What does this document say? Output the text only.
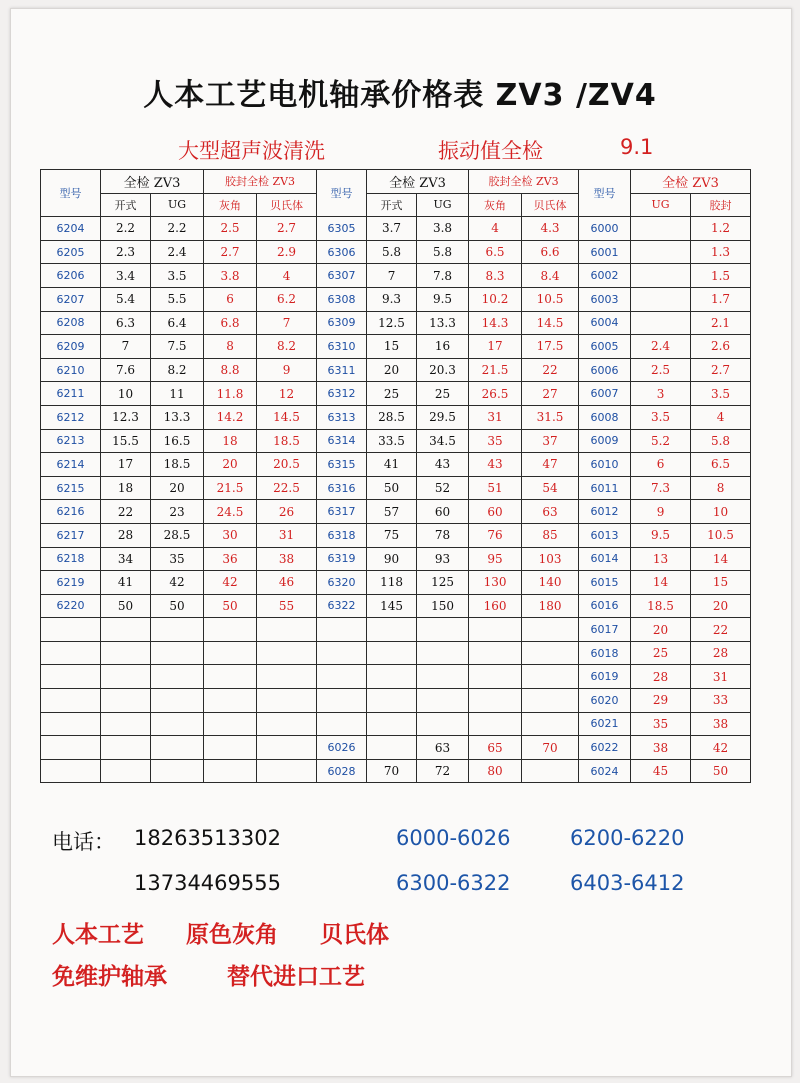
人本工艺电机轴承价格表 ZV3 /ZV4
大型超声波清洗	振动值全检	9.1
型号	全检 ZV3		胶封全检 ZV3		型号	全检 ZV3		胶封全检 ZV3		型号	全检 ZV3	
	开式	UG	灰角	贝氏体		开式	UG	灰角	贝氏体		UG	胶封
6204	2.2	2.2	2.5	2.7	6305	3.7	3.8	4	4.3	6000		1.2
6205	2.3	2.4	2.7	2.9	6306	5.8	5.8	6.5	6.6	6001		1.3
6206	3.4	3.5	3.8	4	6307	7	7.8	8.3	8.4	6002		1.5
6207	5.4	5.5	6	6.2	6308	9.3	9.5	10.2	10.5	6003		1.7
6208	6.3	6.4	6.8	7	6309	12.5	13.3	14.3	14.5	6004		2.1
6209	7	7.5	8	8.2	6310	15	16	17	17.5	6005	2.4	2.6
6210	7.6	8.2	8.8	9	6311	20	20.3	21.5	22	6006	2.5	2.7
6211	10	11	11.8	12	6312	25	25	26.5	27	6007	3	3.5
6212	12.3	13.3	14.2	14.5	6313	28.5	29.5	31	31.5	6008	3.5	4
6213	15.5	16.5	18	18.5	6314	33.5	34.5	35	37	6009	5.2	5.8
6214	17	18.5	20	20.5	6315	41	43	43	47	6010	6	6.5
6215	18	20	21.5	22.5	6316	50	52	51	54	6011	7.3	8
6216	22	23	24.5	26	6317	57	60	60	63	6012	9	10
6217	28	28.5	30	31	6318	75	78	76	85	6013	9.5	10.5
6218	34	35	36	38	6319	90	93	95	103	6014	13	14
6219	41	42	42	46	6320	118	125	130	140	6015	14	15
6220	50	50	50	55	6322	145	150	160	180	6016	18.5	20
										6017	20	22
										6018	25	28
										6019	28	31
										6020	29	33
										6021	35	38
					6026		63	65	70	6022	38	42
					6028	70	72	80		6024	45	50
电话： 18263513302
13734469555
6000-6026	6200-6220
6300-6322	6403-6412
人本工艺 原色灰角 贝氏体
免维护轴承	替代进口工艺
